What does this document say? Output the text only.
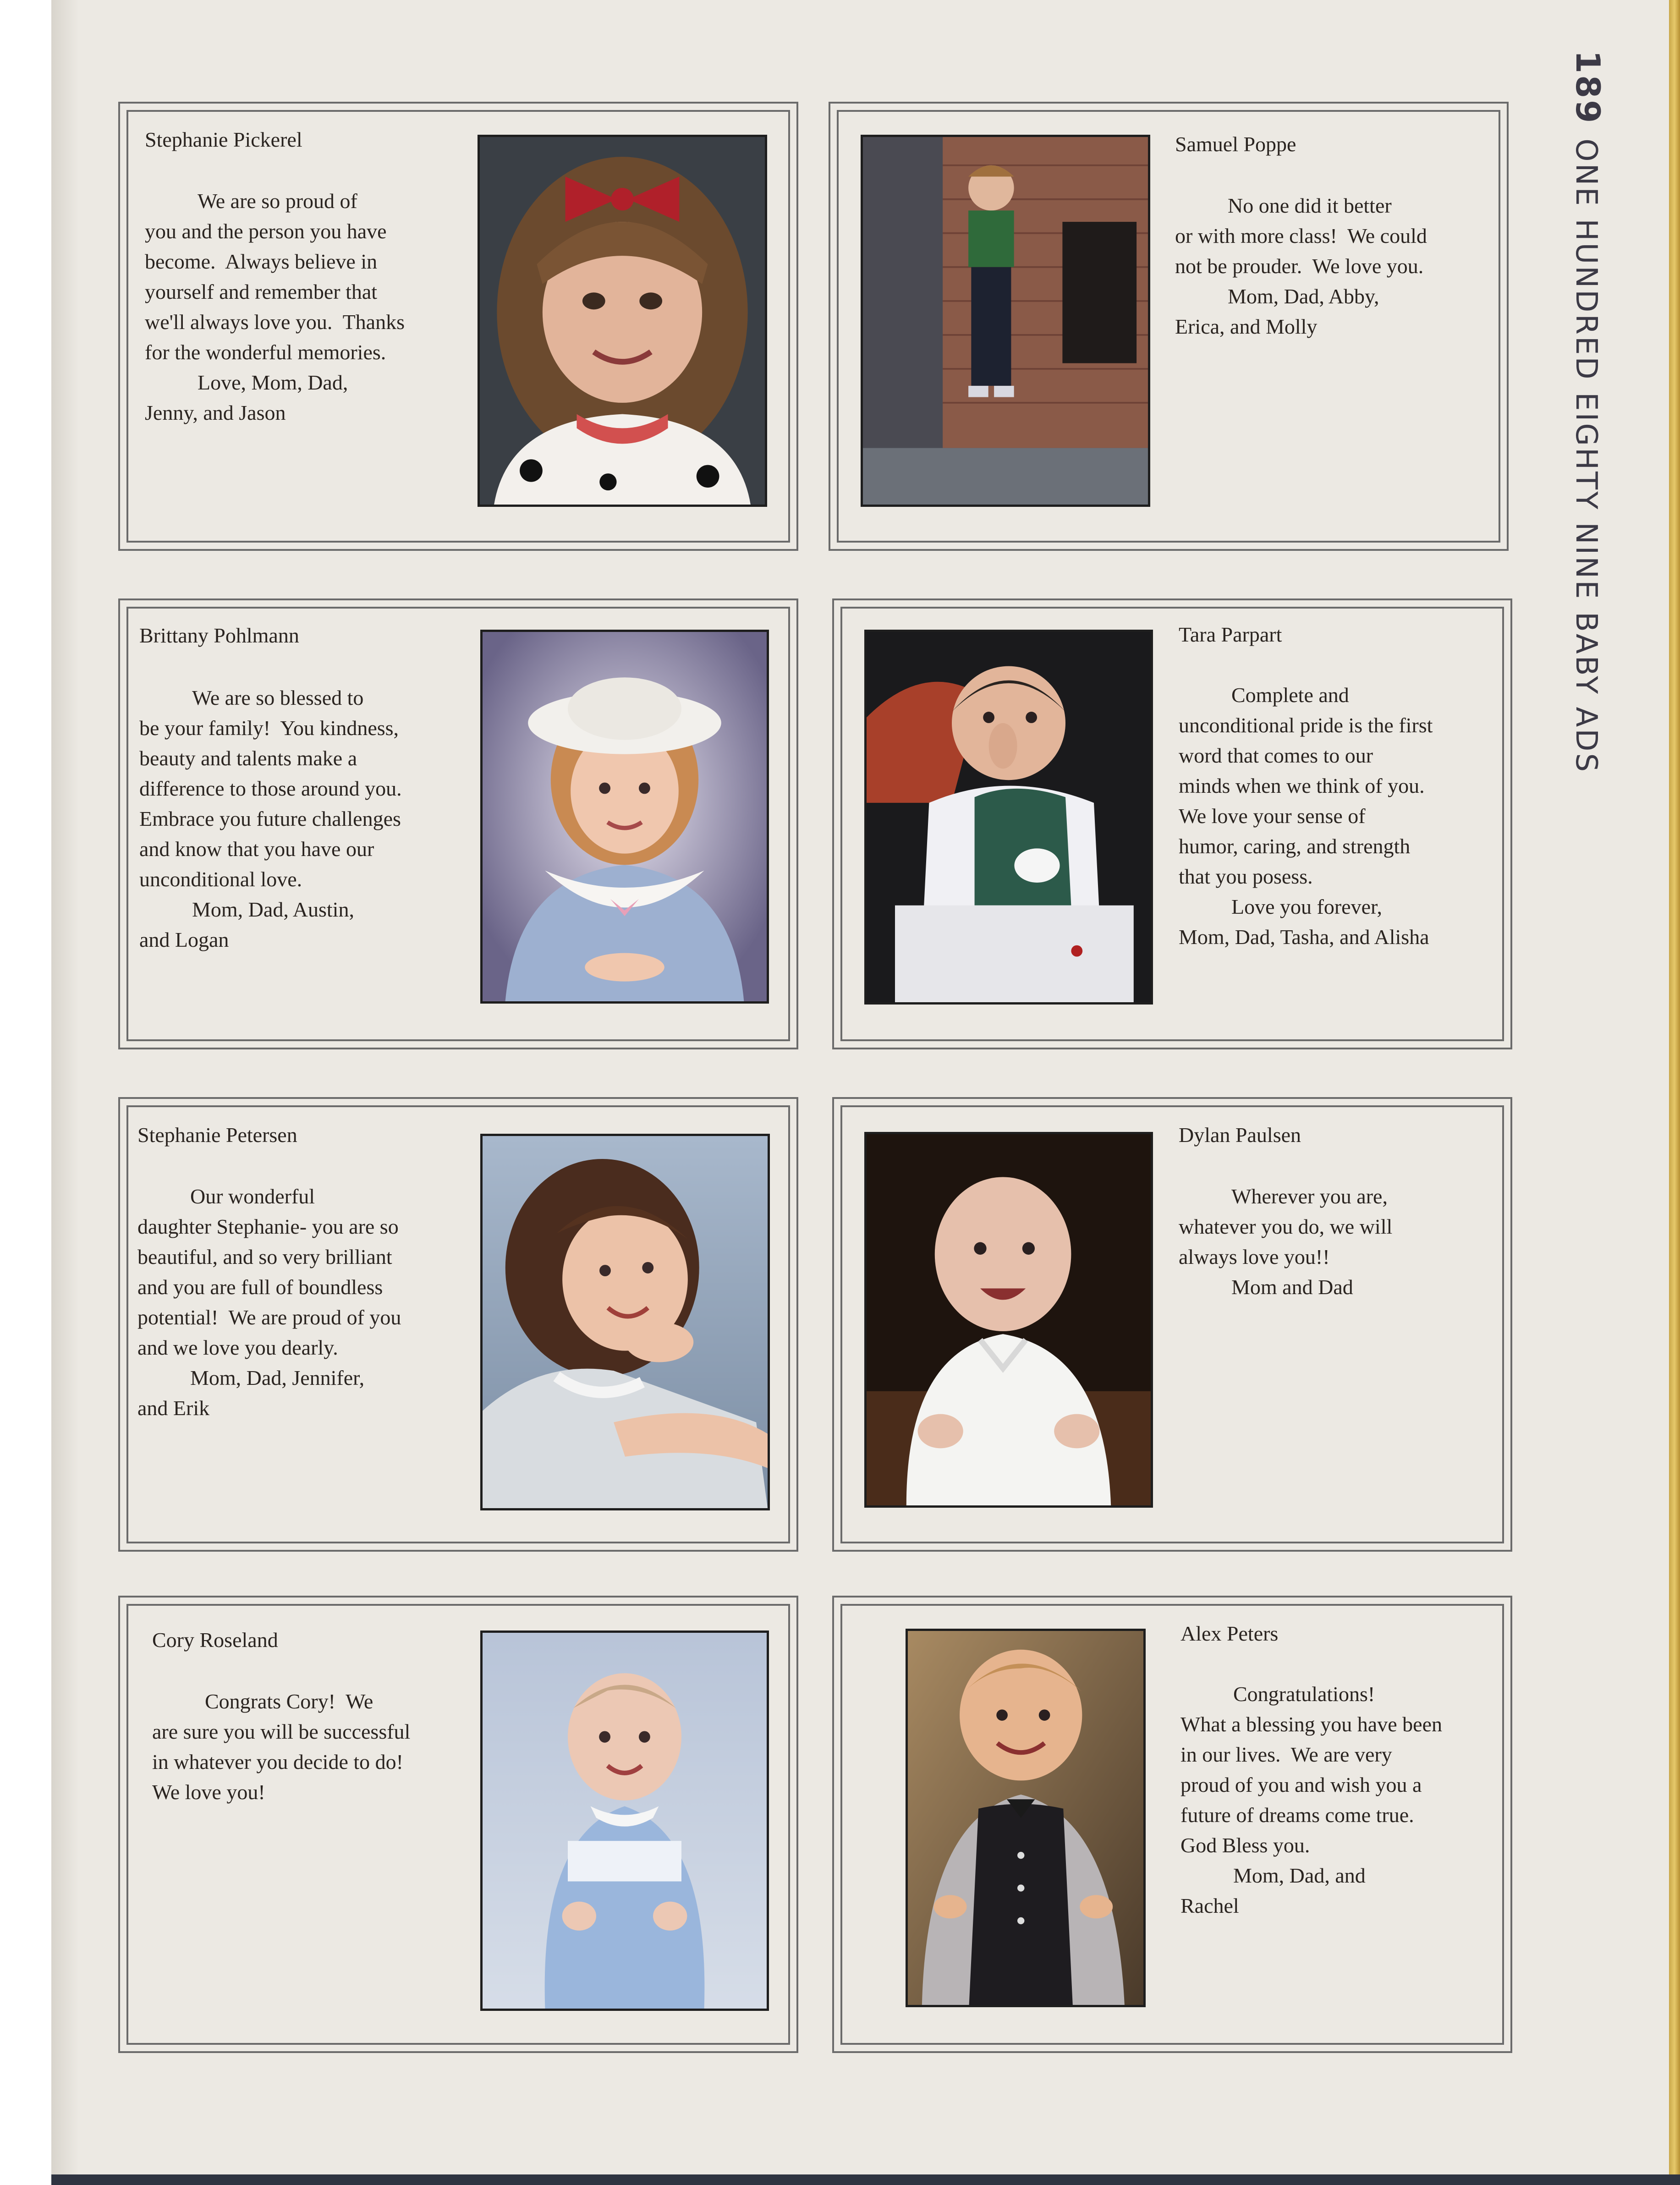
189ONE HUNDRED EIGHTY NINE BABY ADS
Stephanie Pickerel
We are so proud of
you and the person you have
become.  Always believe in
yourself and remember that
we'll always love you.  Thanks
for the wonderful memories.
Love, Mom, Dad,
Jenny, and Jason
Samuel Poppe
No one did it better
or with more class!  We could
not be prouder.  We love you.
Mom, Dad, Abby,
Erica, and Molly
Brittany Pohlmann
We are so blessed to
be your family!  You kindness,
beauty and talents make a
difference to those around you.
Embrace you future challenges
and know that you have our
unconditional love.
Mom, Dad, Austin,
and Logan
Tara Parpart
Complete and
unconditional pride is the first
word that comes to our
minds when we think of you.
We love your sense of
humor, caring, and strength
that you posess.
Love you forever,
Mom, Dad, Tasha, and Alisha
Stephanie Petersen
Our wonderful
daughter Stephanie- you are so
beautiful, and so very brilliant
and you are full of boundless
potential!  We are proud of you
and we love you dearly.
Mom, Dad, Jennifer,
and Erik
Dylan Paulsen
Wherever you are,
whatever you do, we will
always love you!!
Mom and Dad
Cory Roseland
Congrats Cory!  We
are sure you will be successful
in whatever you decide to do!
We love you!
Alex Peters
Congratulations!
What a blessing you have been
in our lives.  We are very
proud of you and wish you a
future of dreams come true.
God Bless you.
Mom, Dad, and
Rachel
